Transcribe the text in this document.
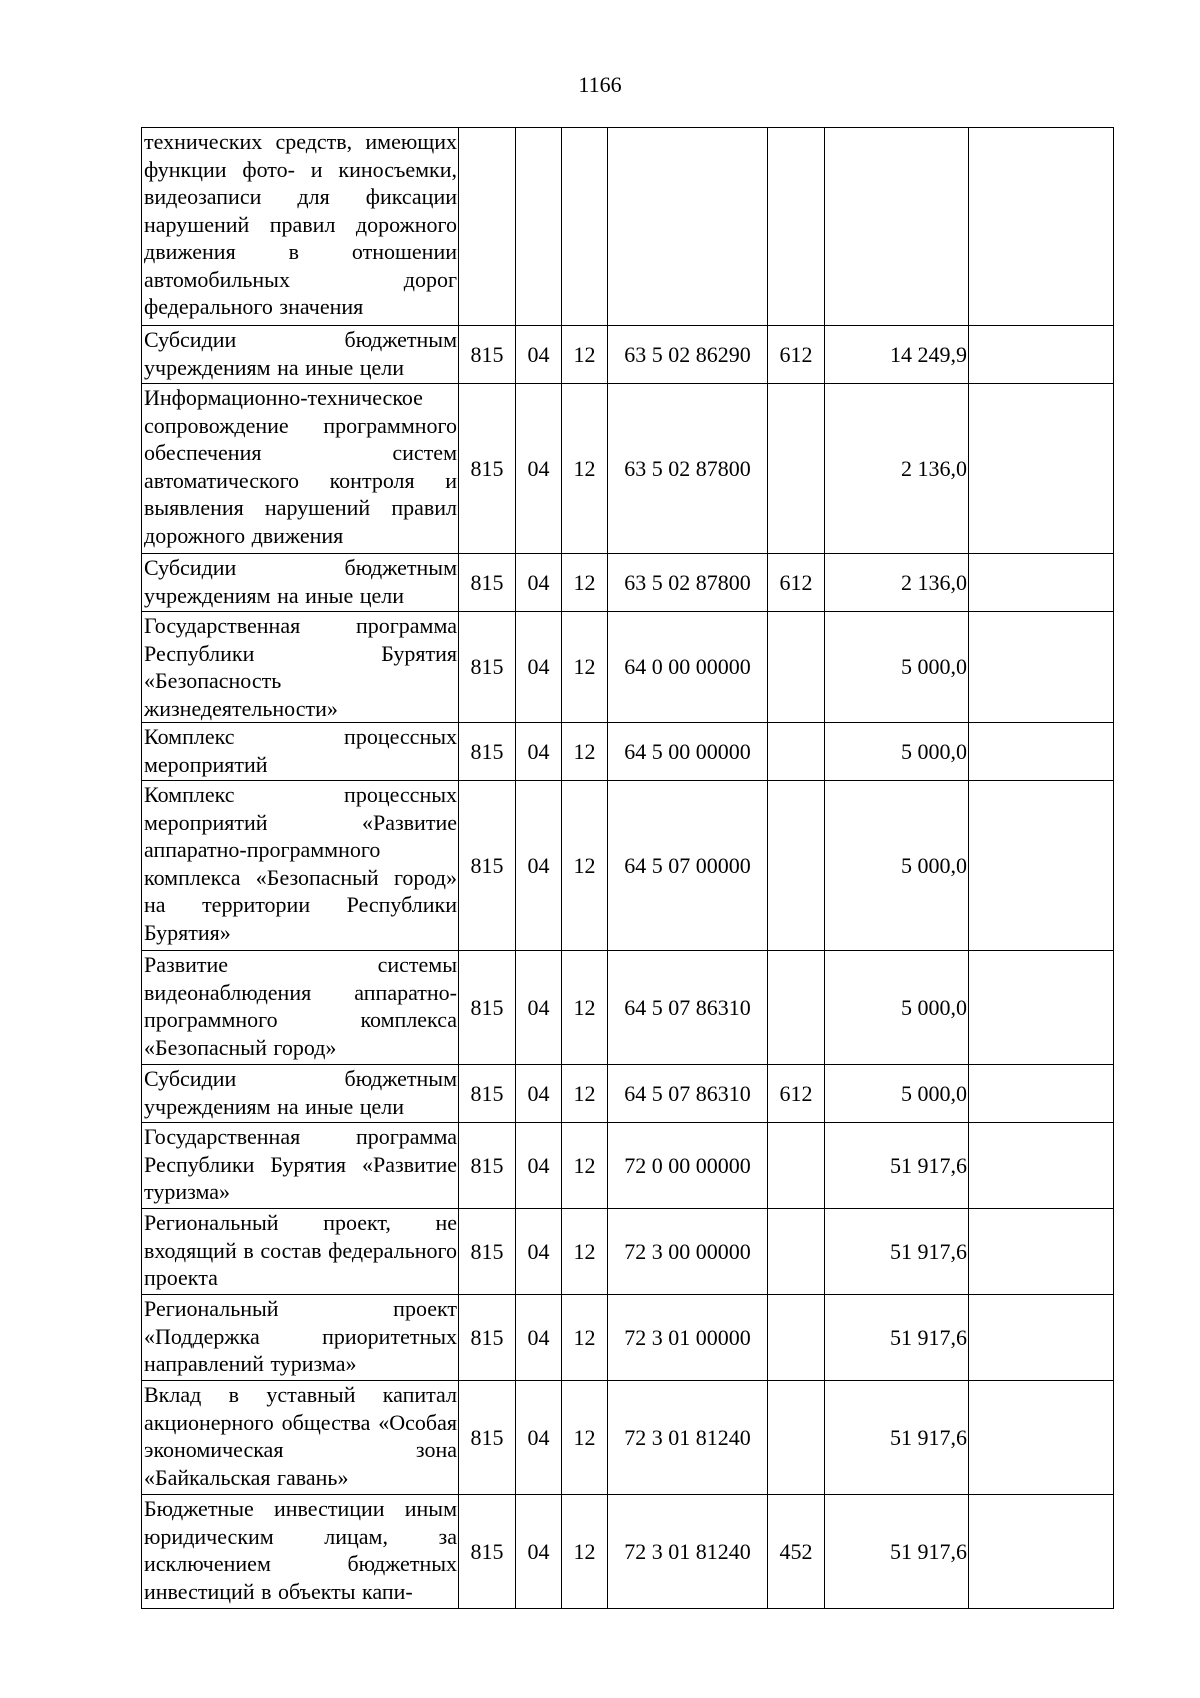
1166
технических средств, имеющих функции фото- и киносъемки, видеозаписи для фиксации нарушений правил дорожного движения в отношении автомобильных дорог федерального значения							
Субсидии бюджетным учреждениям на иные цели	815	04	12	63 5 02 86290	612	14 249,9	
Информационно-техническое сопровождение программного обеспечения систем автоматического контроля и выявления нарушений правил дорожного движения	815	04	12	63 5 02 87800		2 136,0	
Субсидии бюджетным учреждениям на иные цели	815	04	12	63 5 02 87800	612	2 136,0	
Государственная программа Республики Бурятия «Безопасность жизнедеятельности»	815	04	12	64 0 00 00000		5 000,0	
Комплекс процессных мероприятий	815	04	12	64 5 00 00000		5 000,0	
Комплекс процессных мероприятий «Развитие аппаратно-программного комплекса «Безопасный город» на территории Республики Бурятия»	815	04	12	64 5 07 00000		5 000,0	
Развитие системы видеонаблюдения аппаратно-программного комплекса «Безопасный город»	815	04	12	64 5 07 86310		5 000,0	
Субсидии бюджетным учреждениям на иные цели	815	04	12	64 5 07 86310	612	5 000,0	
Государственная программа Республики Бурятия «Развитие туризма»	815	04	12	72 0 00 00000		51 917,6	
Региональный проект, не входящий в состав федерального проекта	815	04	12	72 3 00 00000		51 917,6	
Региональный проект «Поддержка приоритетных направлений туризма»	815	04	12	72 3 01 00000		51 917,6	
Вклад в уставный капитал акционерного общества «Особая экономическая зона «Байкальская гавань»	815	04	12	72 3 01 81240		51 917,6	
Бюджетные инвестиции иным юридическим лицам, за исключением бюджетных инвестиций в объекты капи-	815	04	12	72 3 01 81240	452	51 917,6	
